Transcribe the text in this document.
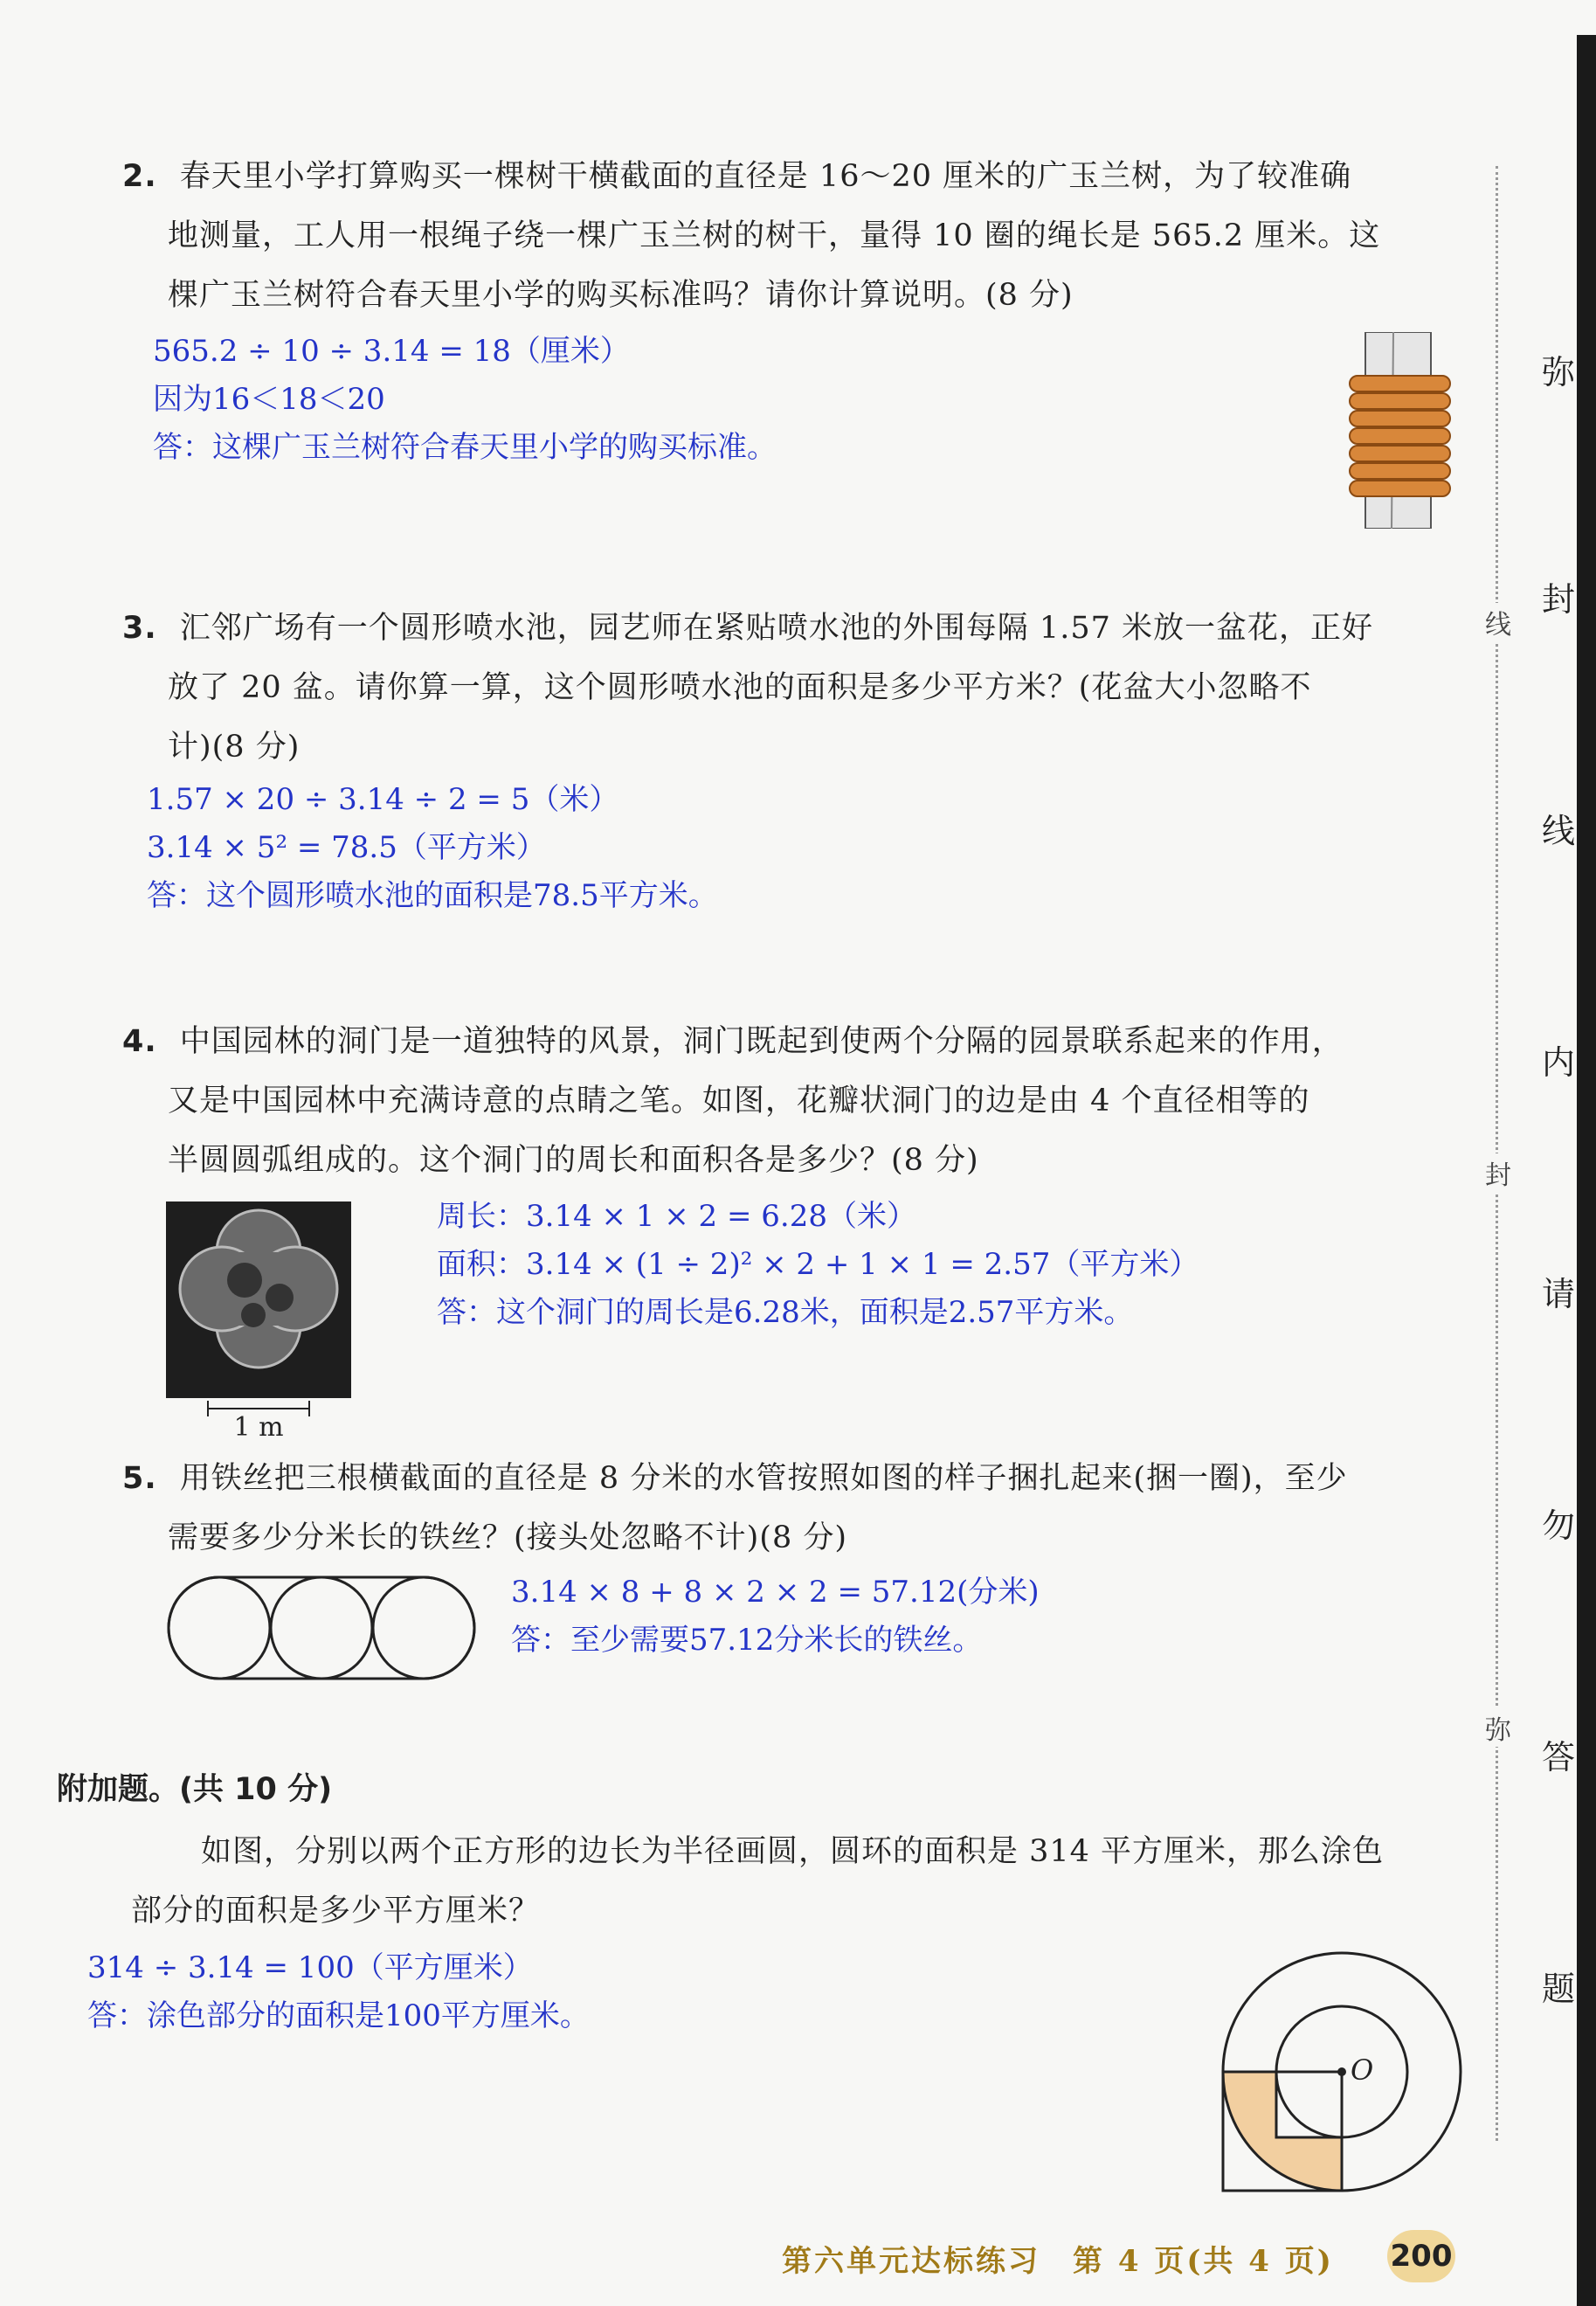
2. 春天里小学打算购买一棵树干横截面的直径是 16～20 厘米的广玉兰树，为了较准确
地测量，工人用一根绳子绕一棵广玉兰树的树干，量得 10 圈的绳长是 565.2 厘米。这
棵广玉兰树符合春天里小学的购买标准吗？请你计算说明。(8 分)
565.2 ÷ 10 ÷ 3.14 = 18（厘米）
因为16＜18＜20
答：这棵广玉兰树符合春天里小学的购买标准。
3. 汇邻广场有一个圆形喷水池，园艺师在紧贴喷水池的外围每隔 1.57 米放一盆花，正好
放了 20 盆。请你算一算，这个圆形喷水池的面积是多少平方米？(花盆大小忽略不
计)(8 分)
1.57 × 20 ÷ 3.14 ÷ 2 = 5（米）
3.14 × 5² = 78.5（平方米）
答：这个圆形喷水池的面积是78.5平方米。
4. 中国园林的洞门是一道独特的风景，洞门既起到使两个分隔的园景联系起来的作用，
又是中国园林中充满诗意的点睛之笔。如图，花瓣状洞门的边是由 4 个直径相等的
半圆圆弧组成的。这个洞门的周长和面积各是多少？(8 分)
周长：3.14 × 1 × 2 = 6.28（米）
面积：3.14 × (1 ÷ 2)² × 2 + 1 × 1 = 2.57（平方米）
答：这个洞门的周长是6.28米，面积是2.57平方米。
1 m
5. 用铁丝把三根横截面的直径是 8 分米的水管按照如图的样子捆扎起来(捆一圈)，至少
需要多少分米长的铁丝？(接头处忽略不计)(8 分)
3.14 × 8 + 8 × 2 × 2 = 57.12(分米)
答：至少需要57.12分米长的铁丝。
附加题。(共 10 分)
如图，分别以两个正方形的边长为半径画圆，圆环的面积是 314 平方厘米，那么涂色
部分的面积是多少平方厘米？
314 ÷ 3.14 = 100（平方厘米）
答：涂色部分的面积是100平方厘米。
O
线
封
弥
弥
封
线
内
请
勿
答
题
第六单元达标练习　第 4 页(共 4 页) 200
